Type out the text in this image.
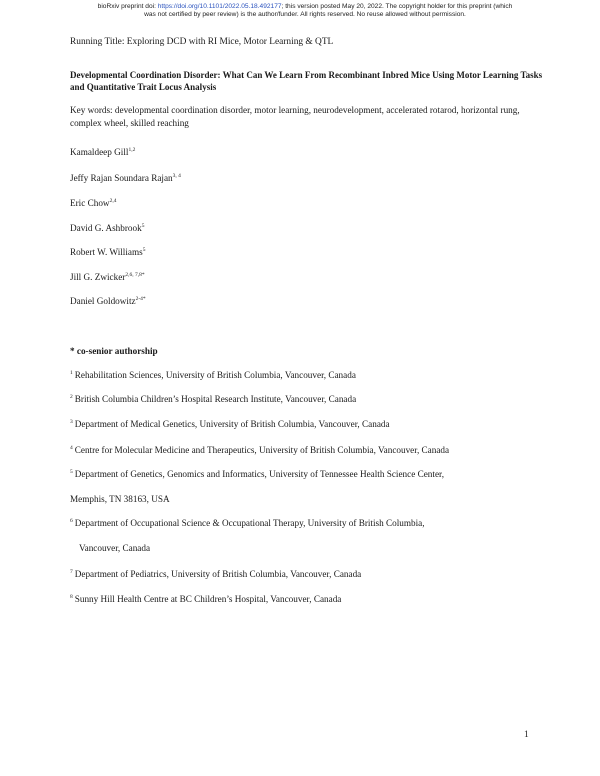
bioRxiv preprint doi: https://doi.org/10.1101/2022.05.18.492177; this version posted May 20, 2022. The copyright holder for this preprint (which
was not certified by peer review) is the author/funder. All rights reserved. No reuse allowed without permission.
Running Title: Exploring DCD with RI Mice, Motor Learning & QTL
Developmental Coordination Disorder: What Can We Learn From Recombinant Inbred Mice Using Motor Learning Tasks and Quantitative Trait Locus Analysis
Key words: developmental coordination disorder, motor learning, neurodevelopment, accelerated rotarod, horizontal rung, complex wheel, skilled reaching
Kamaldeep Gill$^{1,2}$
Jeffy Rajan Soundara Rajan$^{3, 4}$
Eric Chow$^{2,4}$
David G. Ashbrook$^5$
Robert W. Williams$^5$
Jill G. Zwicker$^{2,6, 7,8*}$
Daniel Goldowitz$^{2-4*}$
* co-senior authorship
$^1$ Rehabilitation Sciences, University of British Columbia, Vancouver, Canada
$^2$ British Columbia Children’s Hospital Research Institute, Vancouver, Canada
$^3$ Department of Medical Genetics, University of British Columbia, Vancouver, Canada
$^4$ Centre for Molecular Medicine and Therapeutics, University of British Columbia, Vancouver, Canada
$^5$ Department of Genetics, Genomics and Informatics, University of Tennessee Health Science Center,
Memphis, TN 38163, USA
$^6$ Department of Occupational Science & Occupational Therapy, University of British Columbia,
Vancouver, Canada
$^7$ Department of Pediatrics, University of British Columbia, Vancouver, Canada
$^8$ Sunny Hill Health Centre at BC Children’s Hospital, Vancouver, Canada
1
